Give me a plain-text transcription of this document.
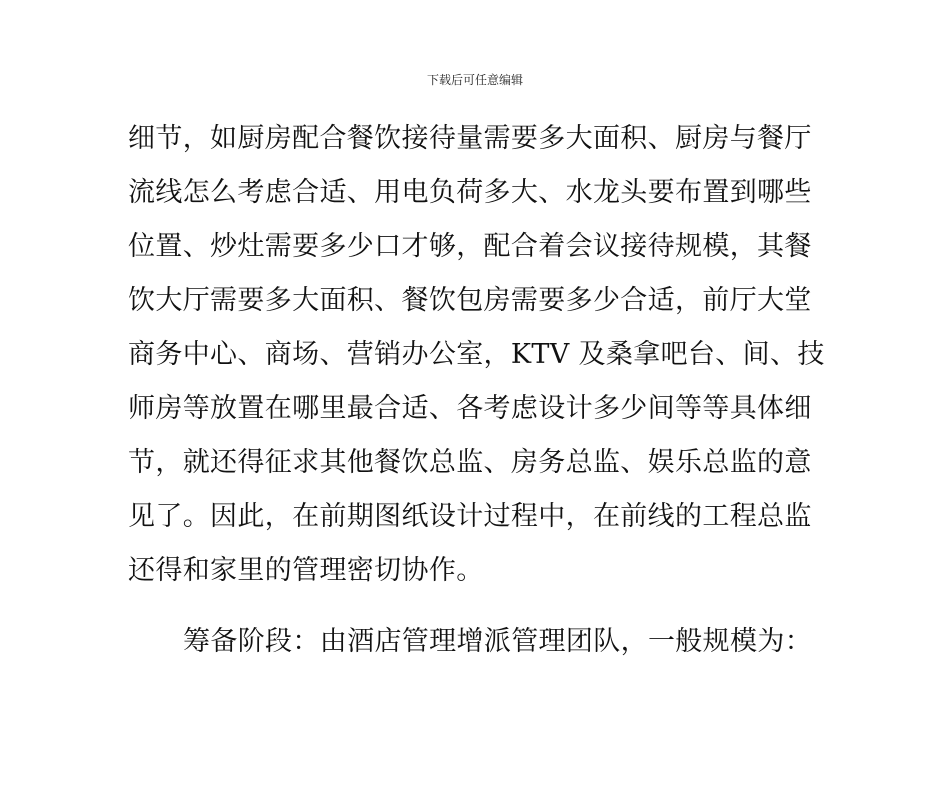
下载后可任意编辑
细节，如厨房配合餐饮接待量需要多大面积、厨房与餐厅
流线怎么考虑合适、用电负荷多大、水龙头要布置到哪些
位置、炒灶需要多少口才够，配合着会议接待规模，其餐
饮大厅需要多大面积、餐饮包房需要多少合适，前厅大堂
商务中心、商场、营销办公室，KTV 及桑拿吧台、间、技
师房等放置在哪里最合适、各考虑设计多少间等等具体细
节，就还得征求其他餐饮总监、房务总监、娱乐总监的意
见了。因此，在前期图纸设计过程中，在前线的工程总监
还得和家里的管理密切协作。
筹备阶段：由酒店管理增派管理团队，一般规模为：
